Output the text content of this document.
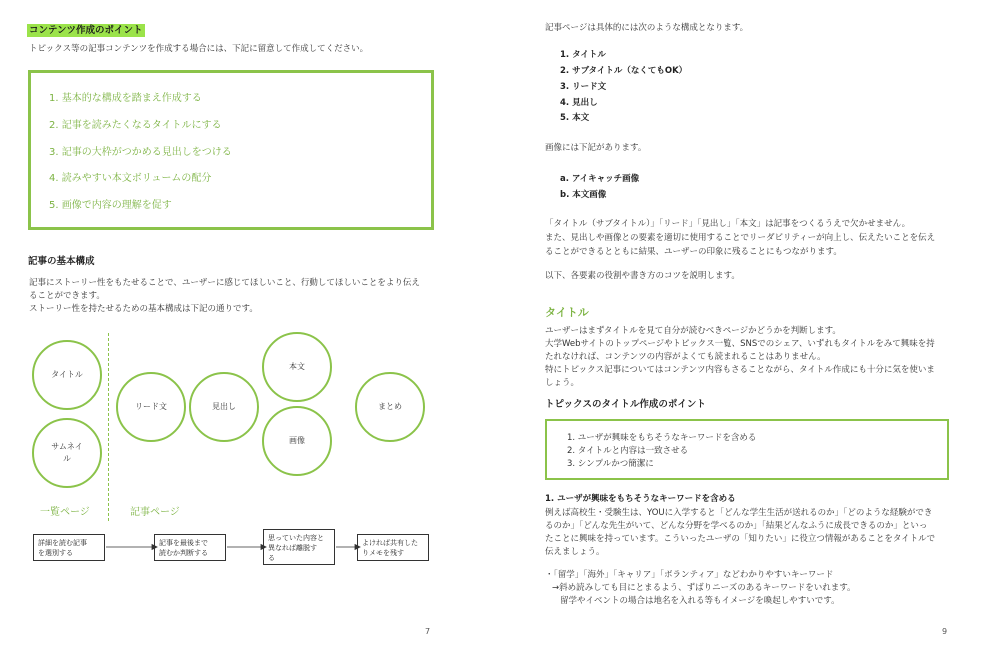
コンテンツ作成のポイント
トピックス等の記事コンテンツを作成する場合には、下記に留意して作成してください。
1. 基本的な構成を踏まえ作成する
2. 記事を読みたくなるタイトルにする
3. 記事の大枠がつかめる見出しをつける
4. 読みやすい本文ボリュームの配分
5. 画像で内容の理解を促す
記事の基本構成
記事にストーリー性をもたせることで、ユーザーに感じてほしいこと、行動してほしいことをより伝え
ることができます。
ストーリー性を持たせるための基本構成は下記の通りです。
タイトル
サムネイ
ル
リード文	見出し
本文
画像
まとめ
一覧ページ	記事ページ
詳細を読む記事
を選別する
記事を最後まで
読むか判断する
思っていた内容と
異なれば離脱す
る
よければ共有した
りメモを残す
7
記事ページは具体的には次のような構成となります。
1. タイトル
2. サブタイトル（なくてもOK）
3. リード文
4. 見出し
5. 本文
画像には下記があります。
a. アイキャッチ画像
b. 本文画像
「タイトル（サブタイトル）」「リード」「見出し」「本文」は記事をつくるうえで欠かせません。
また、見出しや画像との要素を適切に使用することでリーダビリティーが向上し、伝えたいことを伝え
ることができるとともに結果、ユーザーの印象に残ることにもつながります。
以下、各要素の役割や書き方のコツを説明します。
タイトル
ユーザーはまずタイトルを見て自分が読むべきページかどうかを判断します。
大学Webサイトのトップページやトピックス一覧、SNSでのシェア、いずれもタイトルをみて興味を持
たれなければ、コンテンツの内容がよくても読まれることはありません。
特にトピックス記事についてはコンテンツ内容もさることながら、タイトル作成にも十分に気を使いま
しょう。
トピックスのタイトル作成のポイント
1. ユーザが興味をもちそうなキーワードを含める
2. タイトルと内容は一致させる
3. シンプルかつ簡潔に
1. ユーザが興味をもちそうなキーワードを含める
例えば高校生・受験生は、YOUに入学すると「どんな学生生活が送れるのか」「どのような経験ができ
るのか」「どんな先生がいて、どんな分野を学べるのか」「結果どんなふうに成長できるのか」といっ
たことに興味を持っています。こういったユーザの「知りたい」に役立つ情報があることをタイトルで
伝えましょう。
・「留学」「海外」「キャリア」「ボランティア」などわかりやすいキーワード
→斜め読みしても目にとまるよう、ずばりニーズのあるキーワードをいれます。
留学やイベントの場合は地名を入れる等もイメージを喚起しやすいです。
9
